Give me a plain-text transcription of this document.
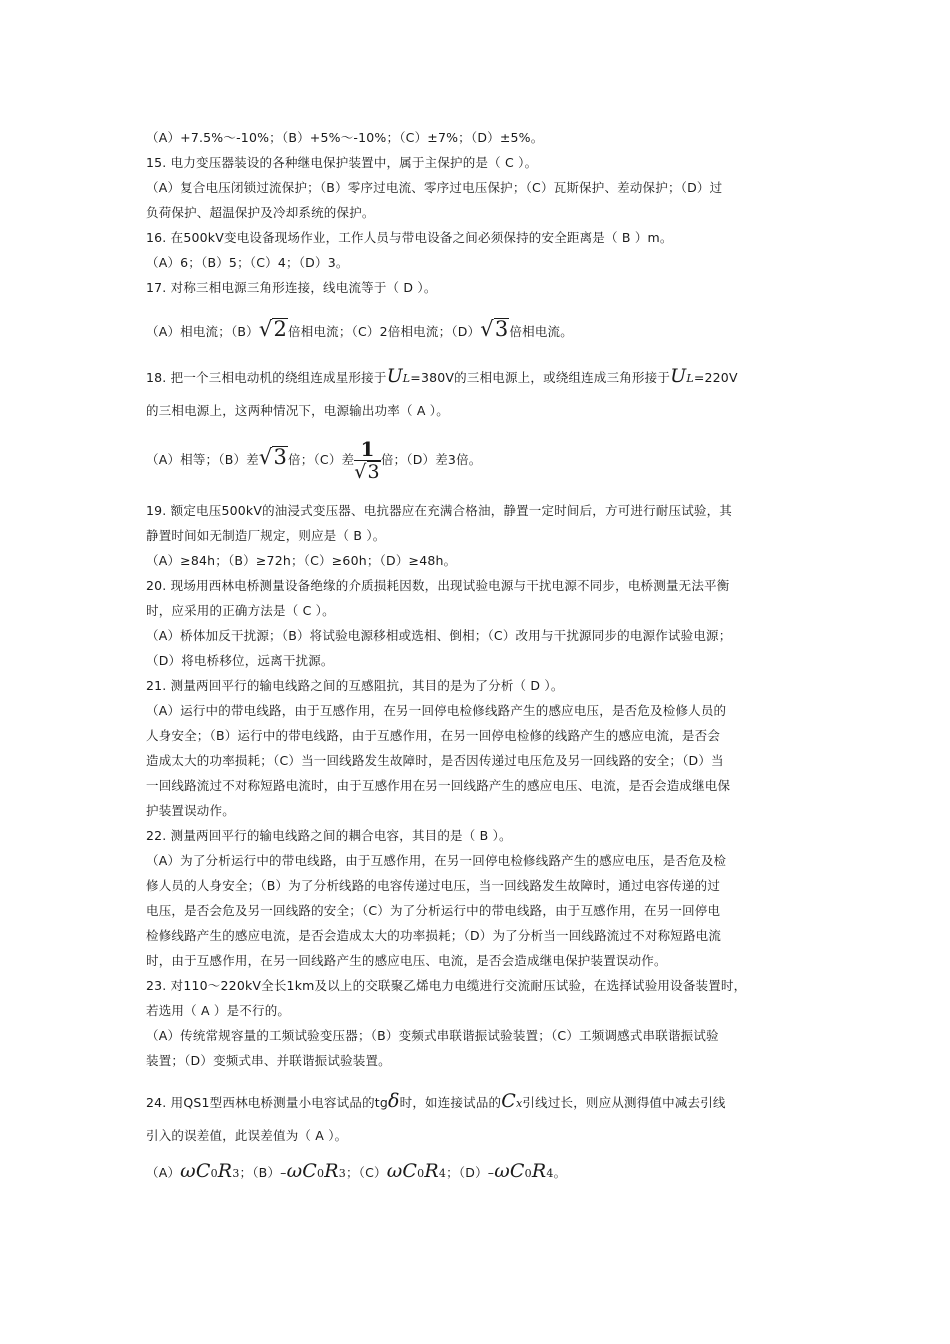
（A）+7.5%～-10%；（B）+5%～-10%；（C）±7%；（D）±5%。
15. 电力变压器装设的各种继电保护装置中，属于主保护的是（ C ）。
（A）复合电压闭锁过流保护；（B）零序过电流、零序过电压保护；（C）瓦斯保护、差动保护；（D）过
负荷保护、超温保护及冷却系统的保护。
16. 在500kV变电设备现场作业，工作人员与带电设备之间必须保持的安全距离是（ B ）m。
（A）6；（B）5；（C）4；（D）3。
17. 对称三相电源三角形连接，线电流等于（ D ）。
（A）相电流；（B）√2倍相电流；（C）2倍相电流；（D）√3倍相电流。
18. 把一个三相电动机的绕组连成星形接于UL=380V的三相电源上，或绕组连成三角形接于UL=220V
的三相电源上，这两种情况下，电源输出功率（ A ）。
（A）相等；（B）差√3倍；（C）差 $\frac{1}{√3}$ 倍；（D）差3倍。
19. 额定电压500kV的油浸式变压器、电抗器应在充满合格油，静置一定时间后，方可进行耐压试验，其
静置时间如无制造厂规定，则应是（ B ）。
（A）≥84h；（B）≥72h；（C）≥60h；（D）≥48h。
20. 现场用西林电桥测量设备绝缘的介质损耗因数，出现试验电源与干扰电源不同步，电桥测量无法平衡
时，应采用的正确方法是（ C ）。
（A）桥体加反干扰源；（B）将试验电源移相或选相、倒相；（C）改用与干扰源同步的电源作试验电源；
（D）将电桥移位，远离干扰源。
21. 测量两回平行的输电线路之间的互感阻抗，其目的是为了分析（ D ）。
（A）运行中的带电线路，由于互感作用，在另一回停电检修线路产生的感应电压，是否危及检修人员的
人身安全；（B）运行中的带电线路，由于互感作用，在另一回停电检修的线路产生的感应电流，是否会
造成太大的功率损耗；（C）当一回线路发生故障时，是否因传递过电压危及另一回线路的安全；（D）当
一回线路流过不对称短路电流时，由于互感作用在另一回线路产生的感应电压、电流，是否会造成继电保
护装置误动作。
22. 测量两回平行的输电线路之间的耦合电容，其目的是（ B ）。
（A）为了分析运行中的带电线路，由于互感作用，在另一回停电检修线路产生的感应电压，是否危及检
修人员的人身安全；（B）为了分析线路的电容传递过电压，当一回线路发生故障时，通过电容传递的过
电压，是否会危及另一回线路的安全；（C）为了分析运行中的带电线路，由于互感作用，在另一回停电
检修线路产生的感应电流，是否会造成太大的功率损耗；（D）为了分析当一回线路流过不对称短路电流
时，由于互感作用，在另一回线路产生的感应电压、电流，是否会造成继电保护装置误动作。
23. 对110～220kV全长1km及以上的交联聚乙烯电力电缆进行交流耐压试验，在选择试验用设备装置时，
若选用（ A ）是不行的。
（A）传统常规容量的工频试验变压器；（B）变频式串联谐振试验装置；（C）工频调感式串联谐振试验
装置；（D）变频式串、并联谐振试验装置。
24. 用QS1型西林电桥测量小电容试品的tgδ时，如连接试品的Cx引线过长，则应从测得值中减去引线
引入的误差值，此误差值为（ A ）。
（A）ωC0R3；（B）–ωC0R3；（C）ωC0R4；（D）–ωC0R4。
